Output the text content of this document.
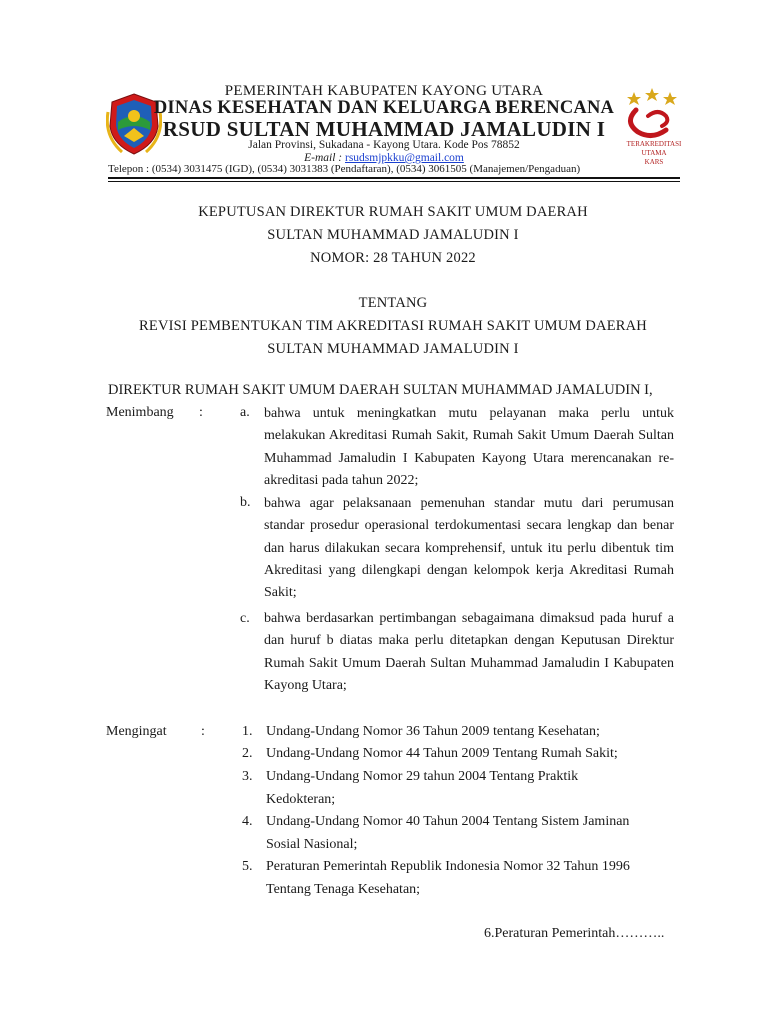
PEMERINTAH KABUPATEN KAYONG UTARA
DINAS KESEHATAN DAN KELUARGA BERENCANA
RSUD SULTAN MUHAMMAD JAMALUDIN I
Jalan Provinsi, Sukadana - Kayong Utara. Kode Pos 78852
E-mail : rsudsmjpkku@gmail.com
Telepon : (0534) 3031475 (IGD), (0534) 3031383 (Pendaftaran), (0534) 3061505 (Manajemen/Pengaduan)
TERAKREDITASI UTAMA
KARS
KEPUTUSAN DIREKTUR RUMAH SAKIT UMUM DAERAH
SULTAN MUHAMMAD JAMALUDIN I
NOMOR: 28 TAHUN 2022
TENTANG
REVISI PEMBENTUKAN TIM AKREDITASI RUMAH SAKIT UMUM DAERAH
SULTAN MUHAMMAD JAMALUDIN I
DIREKTUR RUMAH SAKIT UMUM DAERAH SULTAN MUHAMMAD JAMALUDIN I,
Menimbang :	a. bahwa untuk meningkatkan mutu pelayanan maka perlu untuk melakukan Akreditasi Rumah Sakit, Rumah Sakit Umum Daerah Sultan Muhammad Jamaludin I Kabupaten Kayong Utara merencanakan re-akreditasi pada tahun 2022;
b. bahwa agar pelaksanaan pemenuhan standar mutu dari perumusan standar prosedur operasional terdokumentasi secara lengkap dan benar dan harus dilakukan secara komprehensif, untuk itu perlu dibentuk tim Akreditasi yang dilengkapi dengan kelompok kerja Akreditasi Rumah Sakit;
c. bahwa berdasarkan pertimbangan sebagaimana dimaksud pada huruf a dan huruf b diatas maka perlu ditetapkan dengan Keputusan Direktur Rumah Sakit Umum Daerah Sultan Muhammad Jamaludin I Kabupaten Kayong Utara;
Mengingat :	1. Undang-Undang Nomor 36 Tahun 2009 tentang Kesehatan;
2. Undang-Undang Nomor 44 Tahun 2009 Tentang Rumah Sakit;
3. Undang-Undang Nomor 29 tahun 2004 Tentang Praktik
Kedokteran;
4. Undang-Undang Nomor 40 Tahun 2004 Tentang Sistem Jaminan
Sosial Nasional;
5. Peraturan Pemerintah Republik Indonesia Nomor 32 Tahun 1996
Tentang Tenaga Kesehatan;
6.Peraturan Pemerintah………..
